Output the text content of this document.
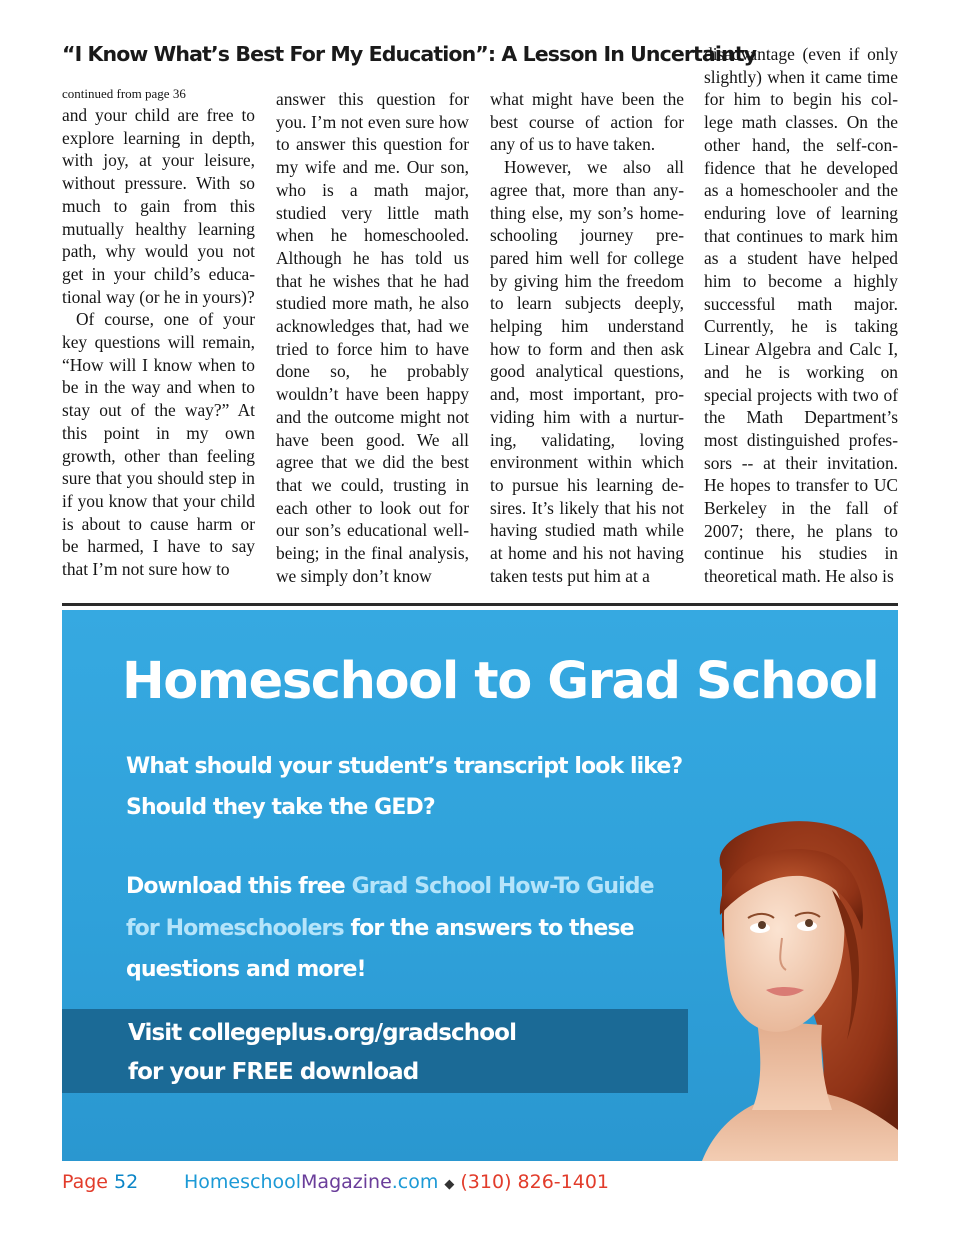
“I Know What’s Best For My Education”: A Lesson In Uncertainty
continued from page 36

and your child are free to explore learning in depth, with joy, at your leisure, without pressure. With so much to gain from this mutually healthy learning path, why would you not get in your child’s educa-tional way (or he in yours)?

Of course, one of your key questions will remain, “How will I know when to be in the way and when to stay out of the way?” At this point in my own growth, other than feeling sure that you should step in if you know that your child is about to cause harm or be harmed, I have to say that I’m not sure how to

answer this question for you. I’m not even sure how to answer this question for my wife and me. Our son, who is a math major, studied very little math when he homeschooled. Although he has told us that he wishes that he had studied more math, he also acknowledges that, had we tried to force him to have done so, he probably wouldn’t have been happy and the outcome might not have been good. We all agree that we did the best that we could, trusting in each other to look out for our son’s educational well-being; in the final analysis, we simply don’t know

what might have been the best course of action for any of us to have taken.

However, we also all agree that, more than any-thing else, my son’s home-schooling journey pre-pared him well for college by giving him the freedom to learn subjects deeply, helping him understand how to form and then ask good analytical questions, and, most important, pro-viding him with a nurtur-ing, validating, loving environment within which to pursue his learning de-sires. It’s likely that his not having studied math while at home and his not having taken tests put him at a

disadvantage (even if only slightly) when it came time for him to begin his col-lege math classes. On the other hand, the self-con-fidence that he developed as a homeschooler and the enduring love of learning that continues to mark him as a student have helped him to become a highly successful math major. Currently, he is taking Linear Algebra and Calc I, and he is working on special projects with two of the Math Department’s most distinguished profes-sors -- at their invitation. He hopes to transfer to UC Berkeley in the fall of 2007; there, he plans to continue his studies in theoretical math. He also is

Homeschool to Grad School
What should your student’s transcript look like?
Should they take the GED?
Download this free Grad School How-To Guide
for Homeschoolers for the answers to these
questions and more!
Visit collegeplus.org/gradschool
for your FREE download
Page 52 HomeschoolMagazine.com ◆ (310) 826-1401
